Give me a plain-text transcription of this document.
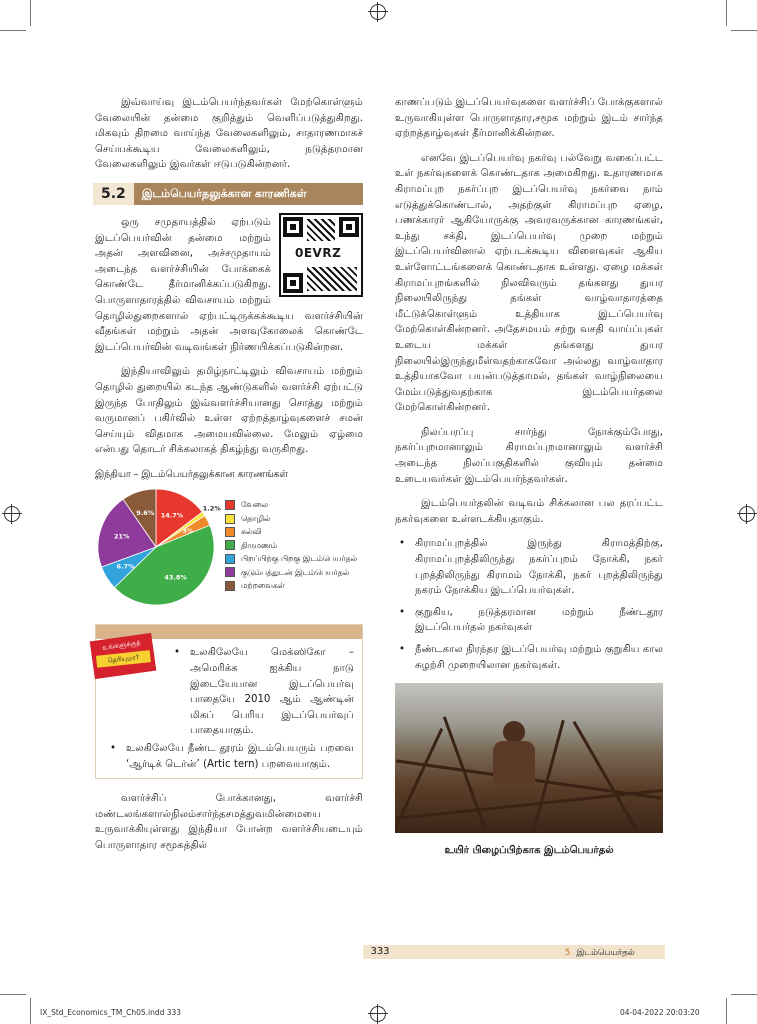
இவ்வாய்வு இடம்பெயர்ந்தவர்கள் மேற்கொள்ளும் வேலையின் தன்மை குறித்தும் வெளிப்படுத்துகிறது. மிகவும் திறமை வாய்ந்த வேலைகளிலும், சாதாரணமாகச் செய்யக்கூடிய வேலைகளிலும், நடுத்தரமான வேலைகளிலும் இவர்கள் ஈடுபடுகின்றனர்.

5.2	இடம்பெயர்தலுக்கான காரணிகள்
0EVRZ

ஒரு சமுதாயத்தில் ஏற்படும் இடப்பெயர்வின் தன்மை மற்றும் அதன் அளவினை, அச்சமுதாயம் அடைந்த வளர்ச்சியின் போக்கைக் கொண்டே தீர்மானிக்கப்படுகிறது. பொருளாதாரத்தில் விவசாயம் மற்றும் தொழில்துறைகளால் ஏற்பட்டிருக்கக்கூடிய வளர்ச்சியின் வீதங்கள் மற்றும் அதன் அளவுகோலைக் கொண்டே இடப்பெயர்வின் வடிவங்கள் நிர்ணயிக்கப்படுகின்றன.

இந்தியாவிலும் தமிழ்நாட்டிலும் விவசாயம் மற்றும் தொழில் துறையில் கடந்த ஆண்டுகளில் வளர்ச்சி ஏற்பட்டு இருந்த போதிலும் இவ்வளர்ச்சியானது சொத்து மற்றும் வருமானப் பகிர்வில் உள்ள ஏற்றத்தாழ்வுகளைச் சமன் செய்யும் விதமாக அமையவில்லை. மேலும் ஏழ்மை என்பது தொடர் சிக்கலாகத் திகழ்ந்து வருகிறது.

இந்தியா – இடம்பெயர்தலுக்கான காரணங்கள்
14.7%
1.2%
3%
43.8%
6.7%
21%
9.6%
வேலை
தொழில்
கல்வி
திருமணம்
பிறப்பிற்கு பிறகு இடம்பெயர்தல்
குடும்பத்துடன் இடம்பெயர்தல்
மற்றவைகள்
உங்களுக்குத்
தெரியுமா?
• உலகிலேயே மெக்ஸிகோ – அமெரிக்க ஐக்கிய நாடு இடையேயான இடப்பெயர்வு பாதையே 2010 ஆம் ஆண்டின் மிகப் பெரிய இடப்பெயர்வுப் பாதையாகும்.
• உலகிலேயே நீண்ட தூரம் இடம்பெயரும் பறவை ‘ஆர்டிக் டெர்ன்’ (Artic tern) பறவையாகும்.

வளர்ச்சிப் போக்கானது, வளர்ச்சி மண்டலங்களால்நிலம்சார்ந்தசமத்துவமின்மையை உருவாக்கியுள்ளது இந்தியா போன்ற வளர்ச்சியடையும் பொருளாதார சமூகத்தில்

காணப்படும் இடப்பெயர்வுகளை வளர்ச்சிப் போக்குகளால் உருவாகியுள்ள பொருளாதார,சமூக மற்றும் இடம் சார்ந்த ஏற்றத்தாழ்வுகள் தீர்மானிக்கின்றன.

எனவே இடப்பெயர்வு நகர்வு பல்வேறு வகைப்பட்ட உள் நகர்வுகளைக் கொண்டதாக அமைகிறது. உதாரணமாக கிராமப்புற நகர்ப்புற இடப்பெயர்வு நகர்வை நாம் எடுத்துக்கொண்டால், அதற்குள் கிராமப்புற ஏழை, பணக்காரர் ஆகியோருக்கு அவரவருக்கான காரணங்கள், உந்து சக்தி, இடப்பெயர்வு முறை மற்றும் இடப்பெயர்வினால் ஏற்படக்கூடிய விளைவுகள் ஆகிய உள்ளோட்டங்களைக் கொண்டதாக உள்ளது. ஏழை மக்கள் கிராமப்புறங்களில் நிலவிவரும் தங்களது துயர நிலையிலிருந்து தங்கள் வாழ்வாதாரத்தை மீட்டுக்கொள்ளும் உத்தியாக இடப்பெயர்வு மேற்கொள்கின்றனர். அதேசமயம் சற்று வசதி வாய்ப்புகள் உடைய மக்கள் தங்களது துயர நிலையில்இருந்துமீள்வதற்காகவோ அல்லது வாழ்வாதார உத்தியாகவோ பயன்படுத்தாமல், தங்கள் வாழ்நிலையை மேம்படுத்துவதற்காக இடம்பெயர்தலை மேற்கொள்கின்றனர்.

நிலப்பரப்பு சார்ந்து நோக்கும்போது, நகர்ப்புறமானாலும் கிராமப்புறமானாலும் வளர்ச்சி அடைந்த நிலப்பகுதிகளில் குவியும் தன்மை உடையவர்கள் இடம்பெயர்ந்தவர்கள்.

இடம்பெயர்தலின் வடிவம் சிக்கலான பல தரப்பட்ட நகர்வுகளை உள்ளடக்கியதாகும்.

• கிராமப்புறத்தில் இருந்து கிராமத்திற்கு, கிராமப்புறத்திலிருந்து நகர்ப்புறம் நோக்கி, நகர் புறத்திலிருந்து கிராமம் நோக்கி, நகர் புறத்திலிருந்து நகரம் நோக்கிய இடப்பெயர்வுகள்.
• குறுகிய, நடுத்தரமான மற்றும் நீண்டதூர இடப்பெயர்தல் நகர்வுகள்
• நீண்டகால நிரந்தர இடப்பெயர்வு மற்றும் குறுகிய கால சுழற்சி முறையிலான நகர்வுகள்.
உயிர் பிழைப்பிற்காக இடம்பெயர்தல்
333	5 இடம்பெயர்தல்
IX_Std_Economics_TM_Ch05.indd 333	04-04-2022 20:03:20
